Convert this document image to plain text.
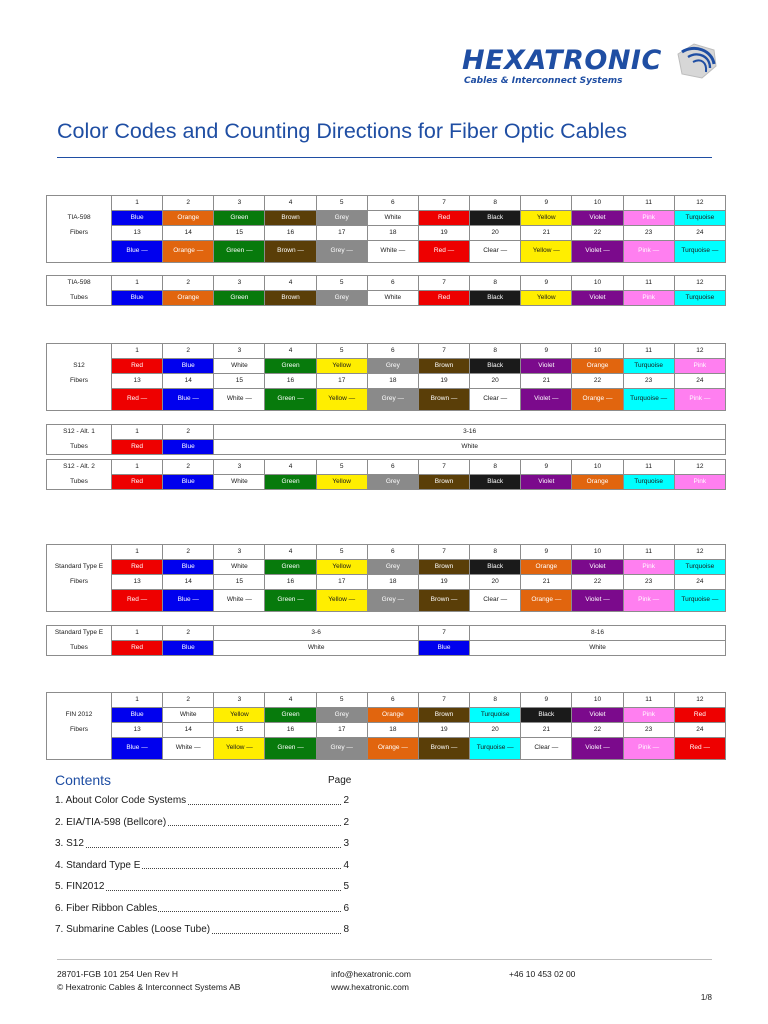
HEXATRONIC
Cables & Interconnect Systems
Color Codes and Counting Directions for Fiber Optic Cables
	1	2	3	4	5	6	7	8	9	10	11	12
TIA-598	Blue	Orange	Green	Brown	Grey	White	Red	Black	Yellow	Violet	Pink	Turquoise
Fibers	13	14	15	16	17	18	19	20	21	22	23	24
	Blue —	Orange —	Green —	Brown —	Grey —	White —	Red —	Clear —	Yellow —	Violet —	Pink —	Turquoise —
TIA-598	1	2	3	4	5	6	7	8	9	10	11	12
Tubes	Blue	Orange	Green	Brown	Grey	White	Red	Black	Yellow	Violet	Pink	Turquoise
	1	2	3	4	5	6	7	8	9	10	11	12
S12	Red	Blue	White	Green	Yellow	Grey	Brown	Black	Violet	Orange	Turquoise	Pink
Fibers	13	14	15	16	17	18	19	20	21	22	23	24
	Red —	Blue —	White —	Green —	Yellow —	Grey —	Brown —	Clear —	Violet —	Orange —	Turquoise —	Pink —
S12 - Alt. 1	1	2	3-16
Tubes	Red	Blue	White
S12 - Alt. 2	1	2	3	4	5	6	7	8	9	10	11	12
Tubes	Red	Blue	White	Green	Yellow	Grey	Brown	Black	Violet	Orange	Turquoise	Pink
	1	2	3	4	5	6	7	8	9	10	11	12
Standard Type E	Red	Blue	White	Green	Yellow	Grey	Brown	Black	Orange	Violet	Pink	Turquoise
Fibers	13	14	15	16	17	18	19	20	21	22	23	24
	Red —	Blue —	White —	Green —	Yellow —	Grey —	Brown —	Clear —	Orange —	Violet —	Pink —	Turquoise —
Standard Type E	1	2	3-6	7	8-16
Tubes	Red	Blue	White	Blue	White
	1	2	3	4	5	6	7	8	9	10	11	12
FIN 2012	Blue	White	Yellow	Green	Grey	Orange	Brown	Turquoise	Black	Violet	Pink	Red
Fibers	13	14	15	16	17	18	19	20	21	22	23	24
	Blue —	White —	Yellow —	Green —	Grey —	Orange —	Brown —	Turquoise —	Clear —	Violet —	Pink —	Red —
Contents	Page
1. About Color Code Systems	2
2. EIA/TIA-598 (Bellcore)	2
3. S12	3
4. Standard Type E	4
5. FIN2012	5
6. Fiber Ribbon Cables	6
7. Submarine Cables (Loose Tube)	8
28701-FGB 101 254 Uen Rev H
© Hexatronic Cables & Interconnect Systems AB
info@hexatronic.com
www.hexatronic.com
+46 10 453 02 00
1/8
